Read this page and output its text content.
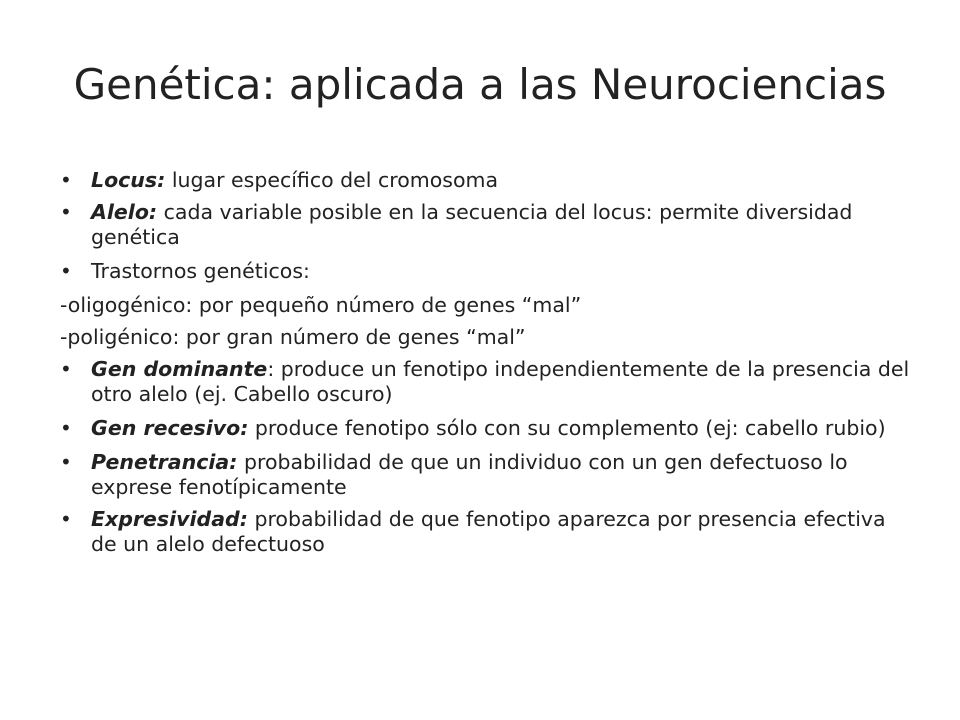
Genética: aplicada a las Neurociencias
• Locus: lugar específico del cromosoma
• Alelo: cada variable posible en la secuencia del locus: permite diversidad genética
• Trastornos genéticos:
-oligogénico: por pequeño número de genes “mal”
-poligénico: por gran número de genes “mal”
• Gen dominante: produce un fenotipo independientemente de la presencia del otro alelo (ej. Cabello oscuro)
• Gen recesivo: produce fenotipo sólo con su complemento (ej: cabello rubio)
• Penetrancia: probabilidad de que un individuo con un gen defectuoso lo exprese fenotípicamente
• Expresividad: probabilidad de que fenotipo aparezca por presencia efectiva de un alelo defectuoso
